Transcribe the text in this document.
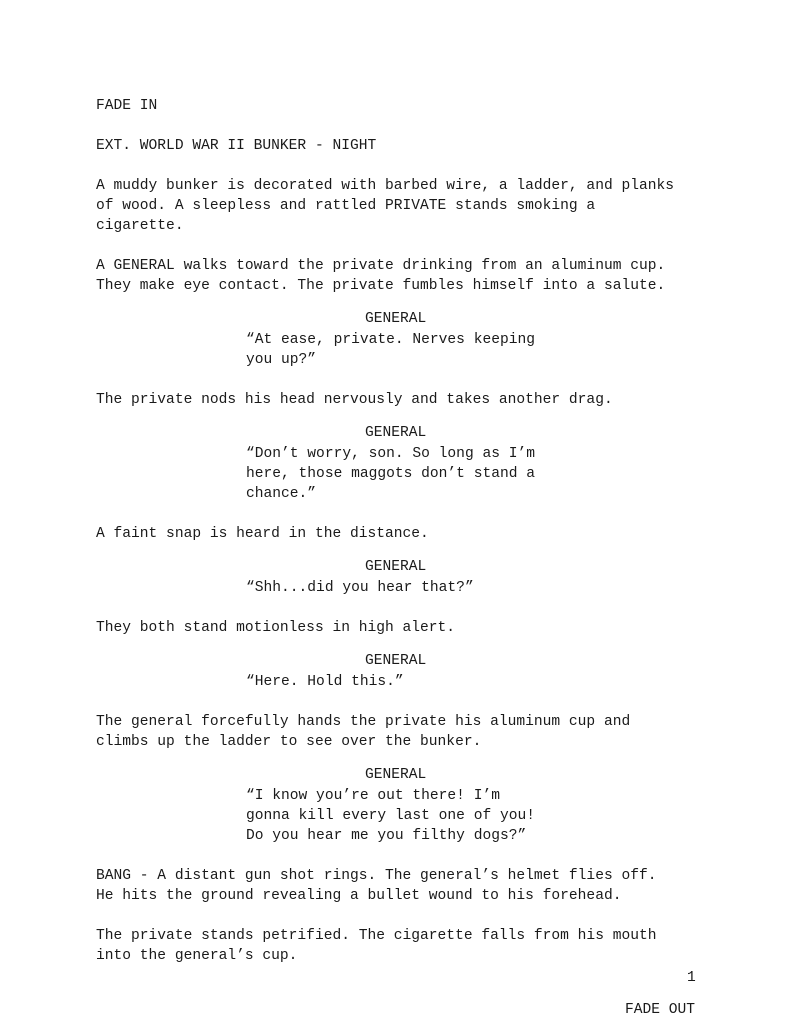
FADE IN

EXT. WORLD WAR II BUNKER - NIGHT

A muddy bunker is decorated with barbed wire, a ladder, and planks

of wood. A sleepless and rattled PRIVATE stands smoking a

cigarette.

A GENERAL walks toward the private drinking from an aluminum cup.

They make eye contact. The private fumbles himself into a salute.

GENERAL

“At ease, private. Nerves keeping

you up?”

The private nods his head nervously and takes another drag.

GENERAL

“Don’t worry, son. So long as I’m

here, those maggots don’t stand a

chance.”

A faint snap is heard in the distance.

GENERAL

“Shh...did you hear that?”

They both stand motionless in high alert.

GENERAL

“Here. Hold this.”

The general forcefully hands the private his aluminum cup and

climbs up the ladder to see over the bunker.

GENERAL

“I know you’re out there! I’m

gonna kill every last one of you!

Do you hear me you filthy dogs?”

BANG - A distant gun shot rings. The general’s helmet flies off.

He hits the ground revealing a bullet wound to his forehead.

The private stands petrified. The cigarette falls from his mouth

into the general’s cup.

1

FADE OUT
